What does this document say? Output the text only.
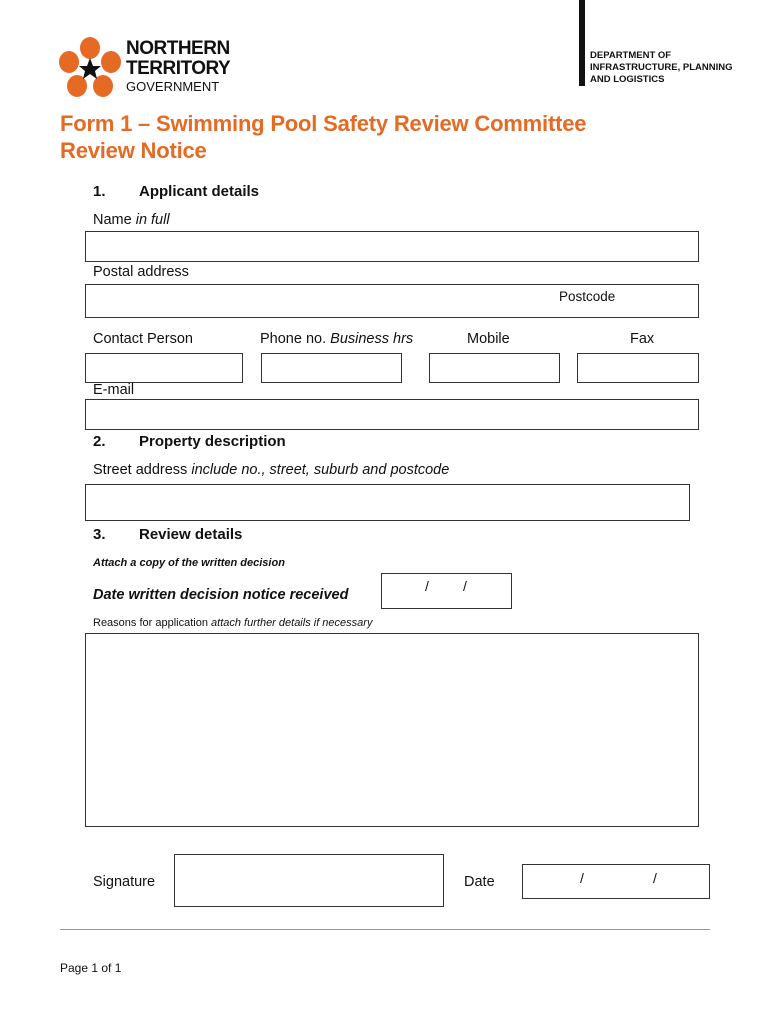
NORTHERN
TERRITORY
GOVERNMENT
DEPARTMENT OF
INFRASTRUCTURE, PLANNING
AND LOGISTICS
Form 1 – Swimming Pool Safety Review Committee
Review Notice
1. Applicant details
Name in full
Postal address
Postcode
Contact Person	Phone no. Business hrs	Mobile	Fax
E-mail
2. Property description
Street address include no., street, suburb and postcode
3. Review details
Attach a copy of the written decision
Date written decision notice received
/ /
Reasons for application attach further details if necessary
Signature	Date	/	/
Page 1 of 1
